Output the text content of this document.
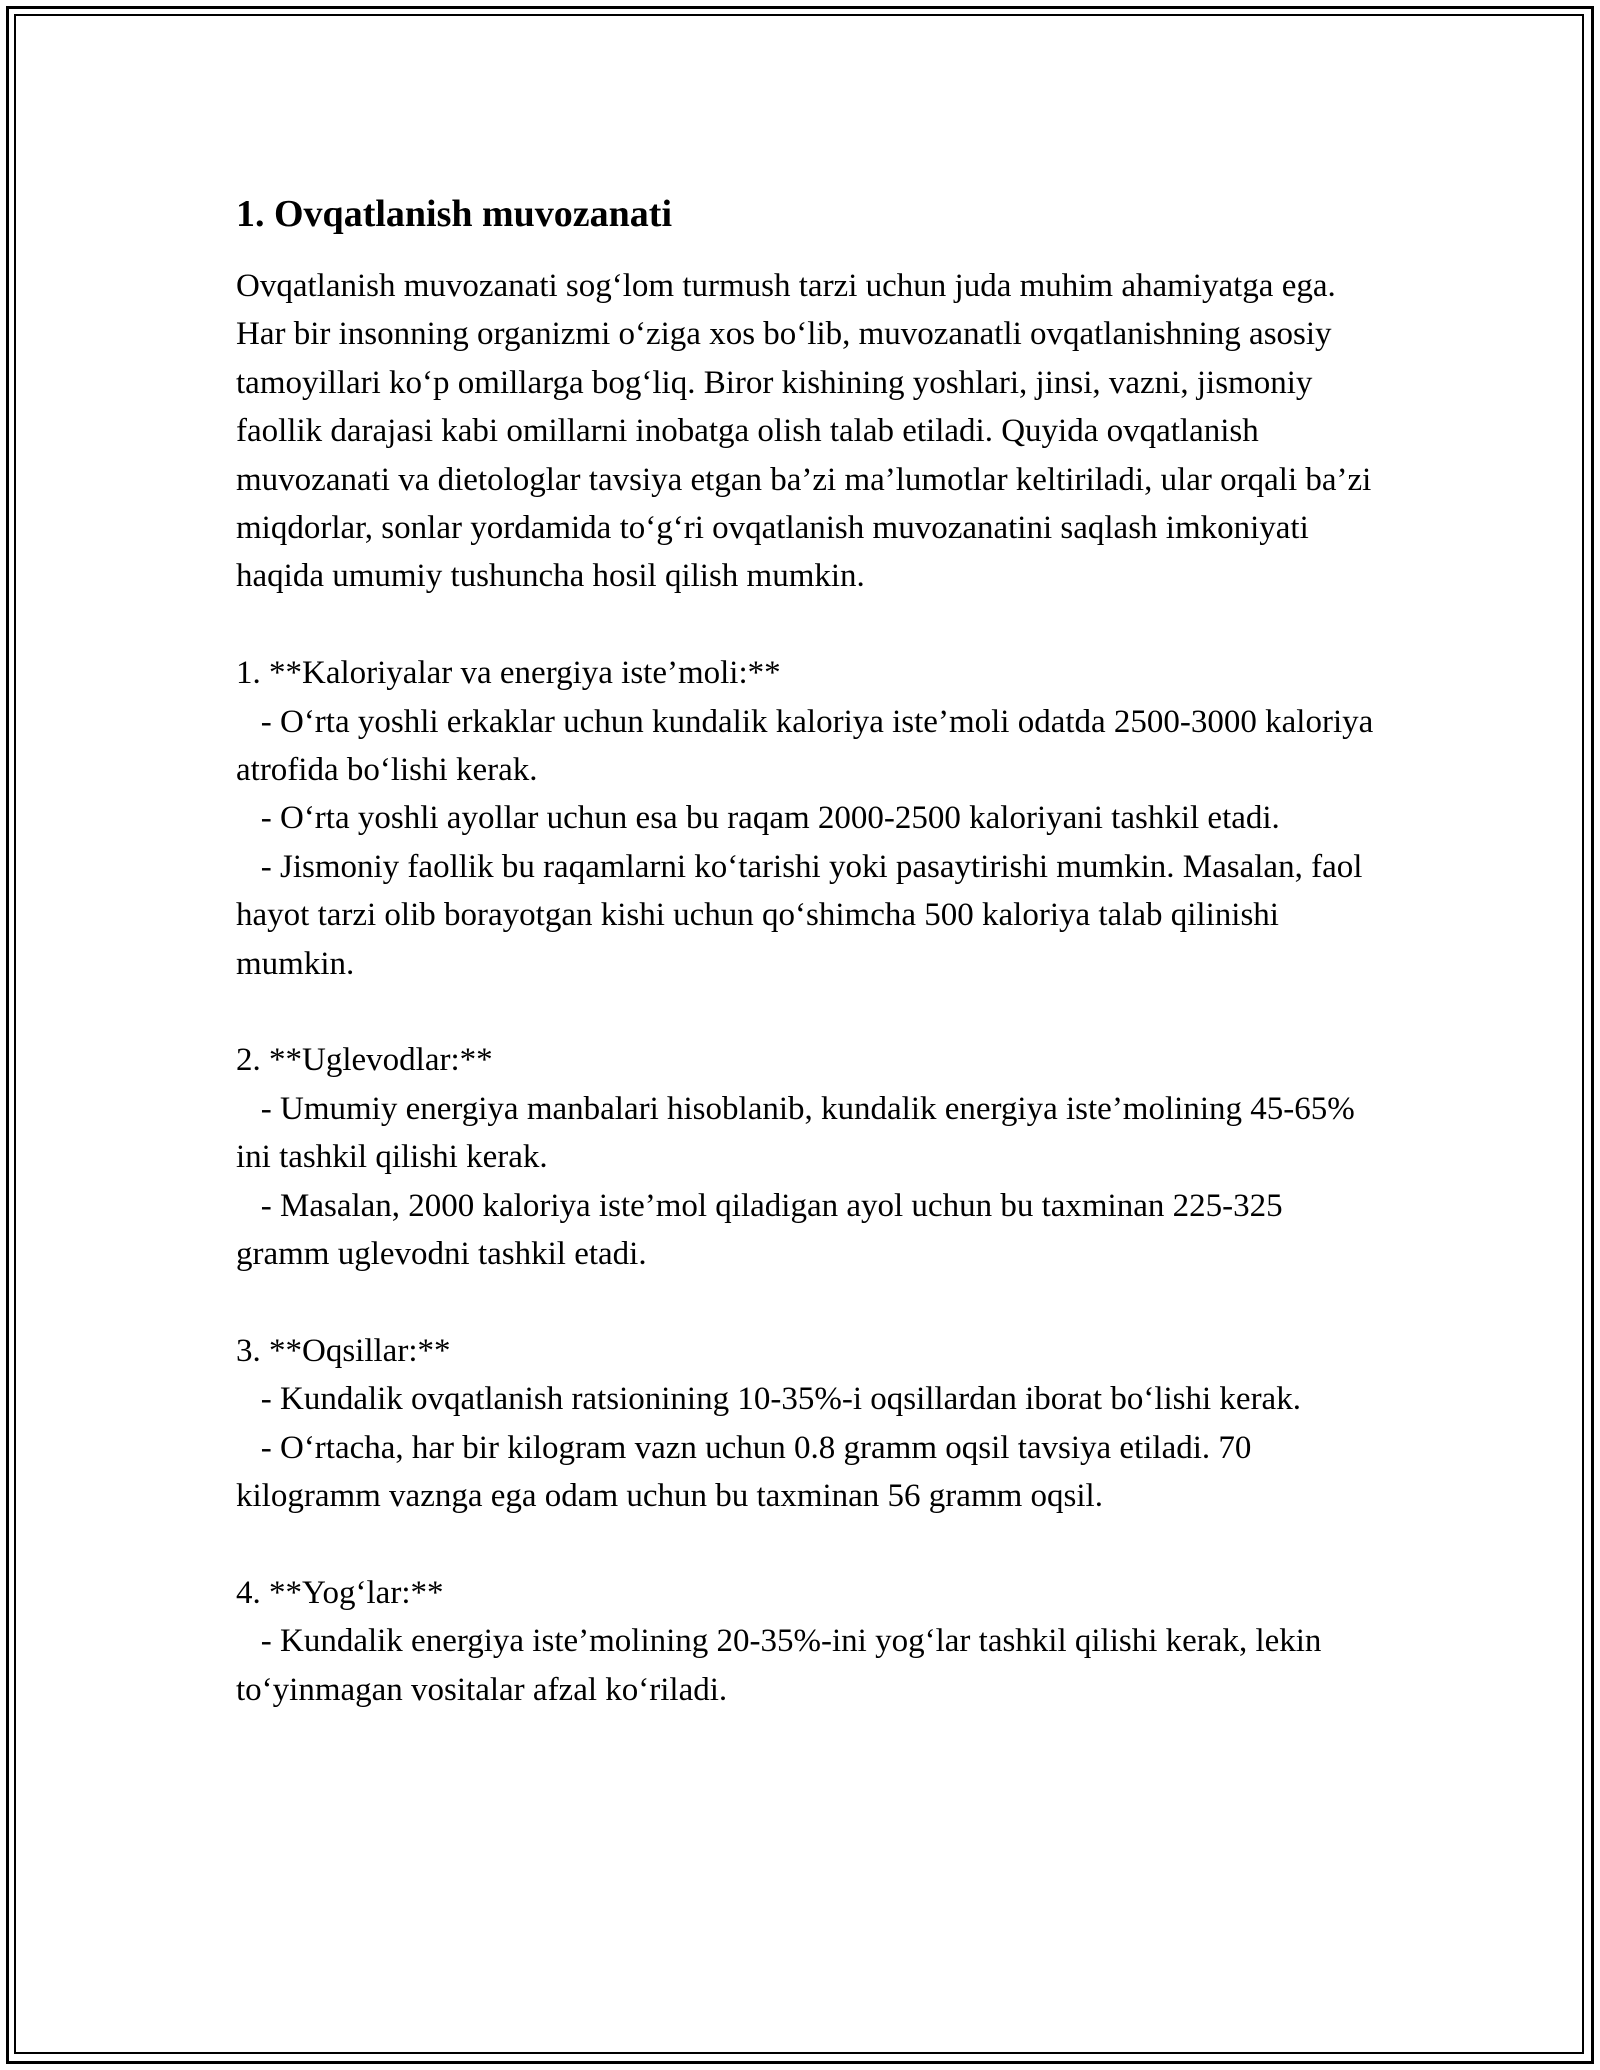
1. Ovqatlanish muvozanati

Ovqatlanish muvozanati sog‘lom turmush tarzi uchun juda muhim ahamiyatga ega. Har bir insonning organizmi o‘ziga xos bo‘lib, muvozanatli ovqatlanishning asosiy tamoyillari ko‘p omillarga bog‘liq. Biror kishining yoshlari, jinsi, vazni, jismoniy faollik darajasi kabi omillarni inobatga olish talab etiladi. Quyida ovqatlanish muvozanati va dietologlar tavsiya etgan ba’zi ma’lumotlar keltiriladi, ular orqali ba’zi miqdorlar, sonlar yordamida to‘g‘ri ovqatlanish muvozanatini saqlash imkoniyati haqida umumiy tushuncha hosil qilish mumkin.

1. **Kaloriyalar va energiya iste’moli:**

- O‘rta yoshli erkaklar uchun kundalik kaloriya iste’moli odatda 2500-3000 kaloriya atrofida bo‘lishi kerak.

- O‘rta yoshli ayollar uchun esa bu raqam 2000-2500 kaloriyani tashkil etadi.

- Jismoniy faollik bu raqamlarni ko‘tarishi yoki pasaytirishi mumkin. Masalan, faol hayot tarzi olib borayotgan kishi uchun qo‘shimcha 500 kaloriya talab qilinishi mumkin.

2. **Uglevodlar:**

- Umumiy energiya manbalari hisoblanib, kundalik energiya iste’molining 45-65% ini tashkil qilishi kerak.

- Masalan, 2000 kaloriya iste’mol qiladigan ayol uchun bu taxminan 225-325 gramm uglevodni tashkil etadi.

3. **Oqsillar:**

- Kundalik ovqatlanish ratsionining 10-35%-i oqsillardan iborat bo‘lishi kerak.

- O‘rtacha, har bir kilogram vazn uchun 0.8 gramm oqsil tavsiya etiladi. 70 kilogramm vaznga ega odam uchun bu taxminan 56 gramm oqsil.

4. **Yog‘lar:**

- Kundalik energiya iste’molining 20-35%-ini yog‘lar tashkil qilishi kerak, lekin to‘yinmagan vositalar afzal ko‘riladi.
